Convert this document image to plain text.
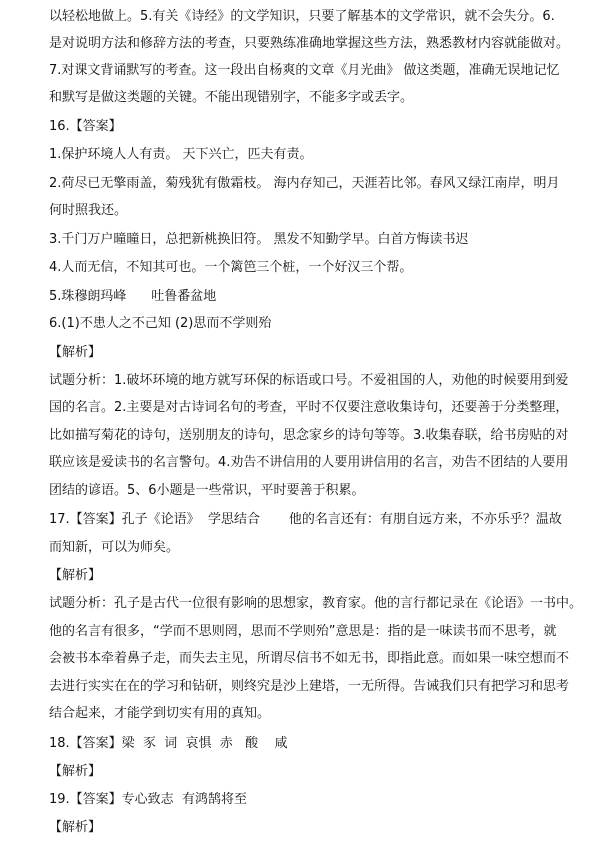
以轻松地做上。5.有关《诗经》的文学知识，只要了解基本的文学常识，就不会失分。6.
是对说明方法和修辞方法的考查，只要熟练准确地掌握这些方法，熟悉教材内容就能做对。
7.对课文背诵默写的考查。这一段出自杨爽的文章《月光曲》 做这类题，准确无误地记忆
和默写是做这类题的关键。不能出现错别字，不能多字或丢字。
16.【答案】
1.保护环境人人有责。 天下兴亡，匹夫有责。
2.荷尽已无擎雨盖，菊残犹有傲霜枝。 海内存知己，天涯若比邻。春风又绿江南岸，明月
何时照我还。
3.千门万户曈曈日，总把新桃换旧符。 黑发不知勤学早。白首方悔读书迟
4.人而无信，不知其可也。一个篱笆三个桩，一个好汉三个帮。
5.珠穆朗玛峰      吐鲁番盆地
6.(1)不患人之不己知 (2)思而不学则殆
【解析】
试题分析：1.破坏环境的地方就写环保的标语或口号。不爱祖国的人，劝他的时候要用到爱
国的名言。2.主要是对古诗词名句的考查，平时不仅要注意收集诗句，还要善于分类整理，
比如描写菊花的诗句，送别朋友的诗句，思念家乡的诗句等等。3.收集春联，给书房贴的对
联应该是爱读书的名言警句。4.劝告不讲信用的人要用讲信用的名言，劝告不团结的人要用
团结的谚语。5、6小题是一些常识，平时要善于积累。
17.【答案】孔子《论语》  学思结合       他的名言还有：有朋自远方来，不亦乐乎？温故
而知新，可以为师矣。
【解析】
试题分析：孔子是古代一位很有影响的思想家，教育家。他的言行都记录在《论语》一书中。
他的名言有很多，“学而不思则罔，思而不学则殆”意思是：指的是一味读书而不思考，就
会被书本牵着鼻子走，而失去主见，所谓尽信书不如无书，即指此意。而如果一味空想而不
去进行实实在在的学习和钻研，则终究是沙上建塔，一无所得。告诫我们只有把学习和思考
结合起来，才能学到切实有用的真知。
18.【答案】梁  豕  词  哀惧  赤   酸    咸
【解析】
19.【答案】专心致志  有鸿鹄将至
【解析】
